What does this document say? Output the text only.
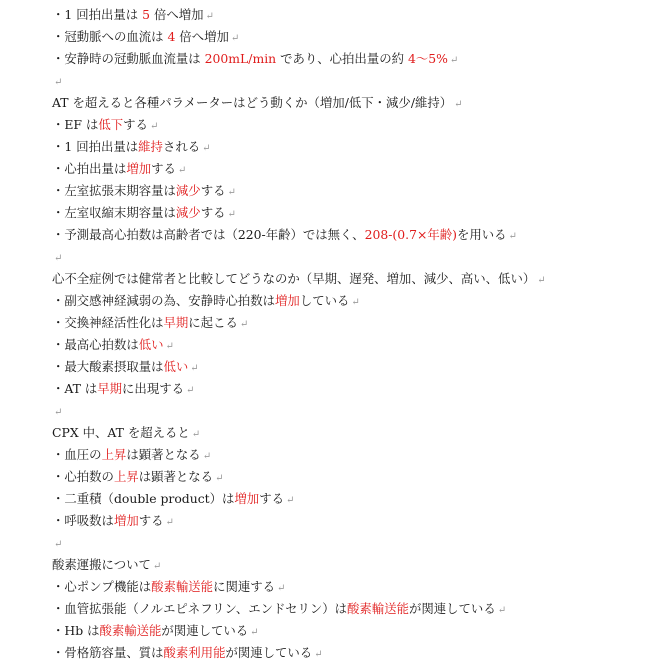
・1 回拍出量は 5 倍へ増加 ↵
・冠動脈への血流は 4 倍へ増加 ↵
・安静時の冠動脈血流量は 200mL/min であり、心拍出量の約 4～5% ↵
↵
AT を超えると各種パラメーターはどう動くか（増加/低下・減少/維持） ↵
・EF は低下する ↵
・1 回拍出量は維持される ↵
・心拍出量は増加する ↵
・左室拡張末期容量は減少する ↵
・左室収縮末期容量は減少する ↵
・予測最高心拍数は高齢者では（220-年齢）では無く、208-(0.7×年齢)を用いる ↵
↵
心不全症例では健常者と比較してどうなのか（早期、遅発、増加、減少、高い、低い） ↵
・副交感神経減弱の為、安静時心拍数は増加している ↵
・交換神経活性化は早期に起こる ↵
・最高心拍数は低い ↵
・最大酸素摂取量は低い ↵
・AT は早期に出現する ↵
↵
CPX 中、AT を超えると ↵
・血圧の上昇は顕著となる ↵
・心拍数の上昇は顕著となる ↵
・二重積（double product）は増加する ↵
・呼吸数は増加する ↵
↵
酸素運搬について ↵
・心ポンプ機能は酸素輸送能に関連する ↵
・血管拡張能（ノルエピネフリン、エンドセリン）は酸素輸送能が関連している ↵
・Hb は酸素輸送能が関連している ↵
・骨格筋容量、質は酸素利用能が関連している ↵
